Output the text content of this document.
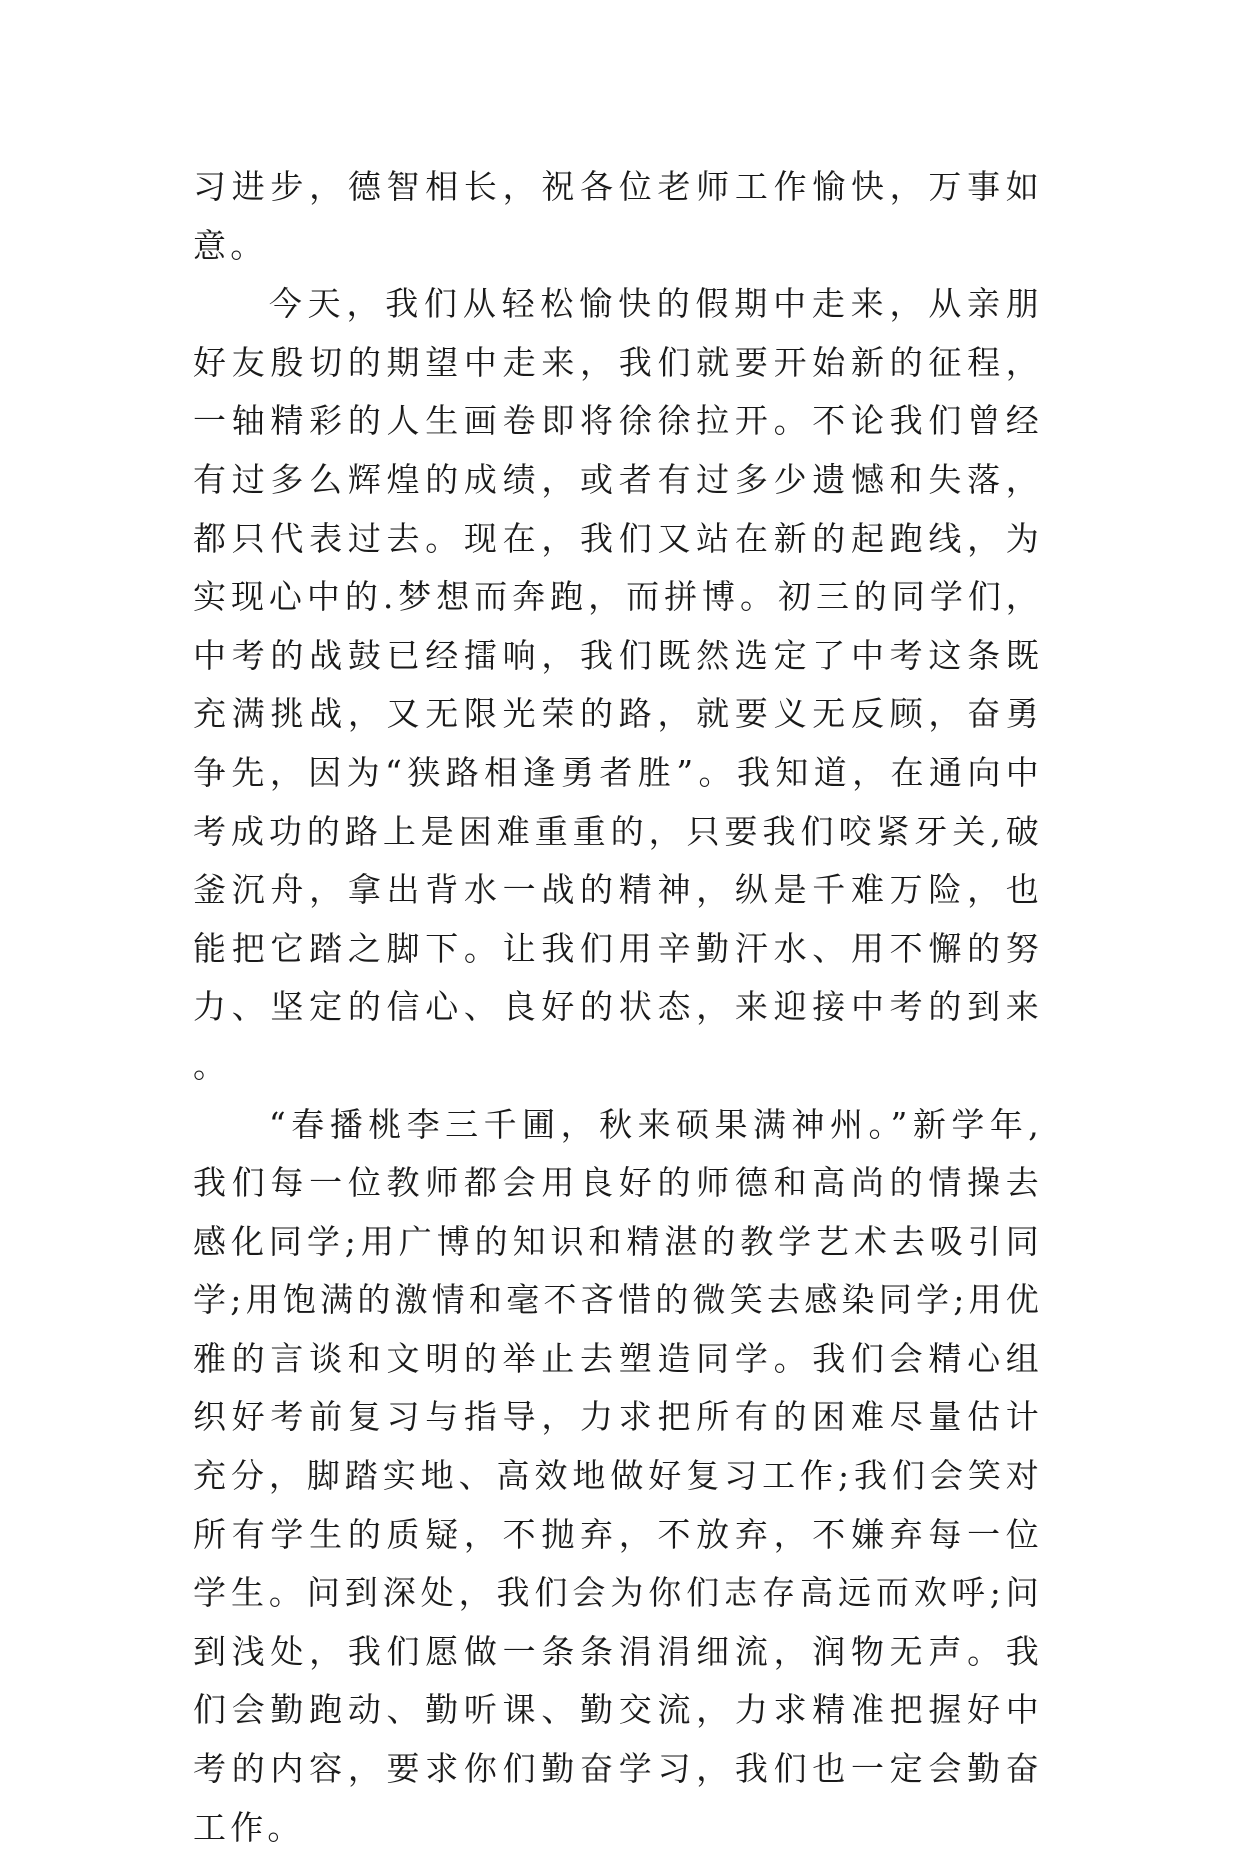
习进步，德智相长，祝各位老师工作愉快，万事如意。

今天，我们从轻松愉快的假期中走来，从亲朋好友殷切的期望中走来，我们就要开始新的征程，一轴精彩的人生画卷即将徐徐拉开。不论我们曾经有过多么辉煌的成绩，或者有过多少遗憾和失落，都只代表过去。现在，我们又站在新的起跑线，为实现心中的.梦想而奔跑，而拼博。初三的同学们，中考的战鼓已经擂响，我们既然选定了中考这条既充满挑战，又无限光荣的路，就要义无反顾，奋勇争先，因为“狭路相逢勇者胜”。我知道，在通向中考成功的路上是困难重重的，只要我们咬紧牙关,破釜沉舟，拿出背水一战的精神，纵是千难万险，也能把它踏之脚下。让我们用辛勤汗水、用不懈的努力、坚定的信心、良好的状态，来迎接中考的到来。

“春播桃李三千圃，秋来硕果满神州。”新学年,我们每一位教师都会用良好的师德和高尚的情操去感化同学;用广博的知识和精湛的教学艺术去吸引同学;用饱满的激情和毫不吝惜的微笑去感染同学;用优雅的言谈和文明的举止去塑造同学。我们会精心组织好考前复习与指导，力求把所有的困难尽量估计充分，脚踏实地、高效地做好复习工作;我们会笑对所有学生的质疑，不抛弃，不放弃，不嫌弃每一位学生。问到深处，我们会为你们志存高远而欢呼;问到浅处，我们愿做一条条涓涓细流，润物无声。我们会勤跑动、勤听课、勤交流，力求精准把握好中考的内容，要求你们勤奋学习，我们也一定会勤奋工作。
